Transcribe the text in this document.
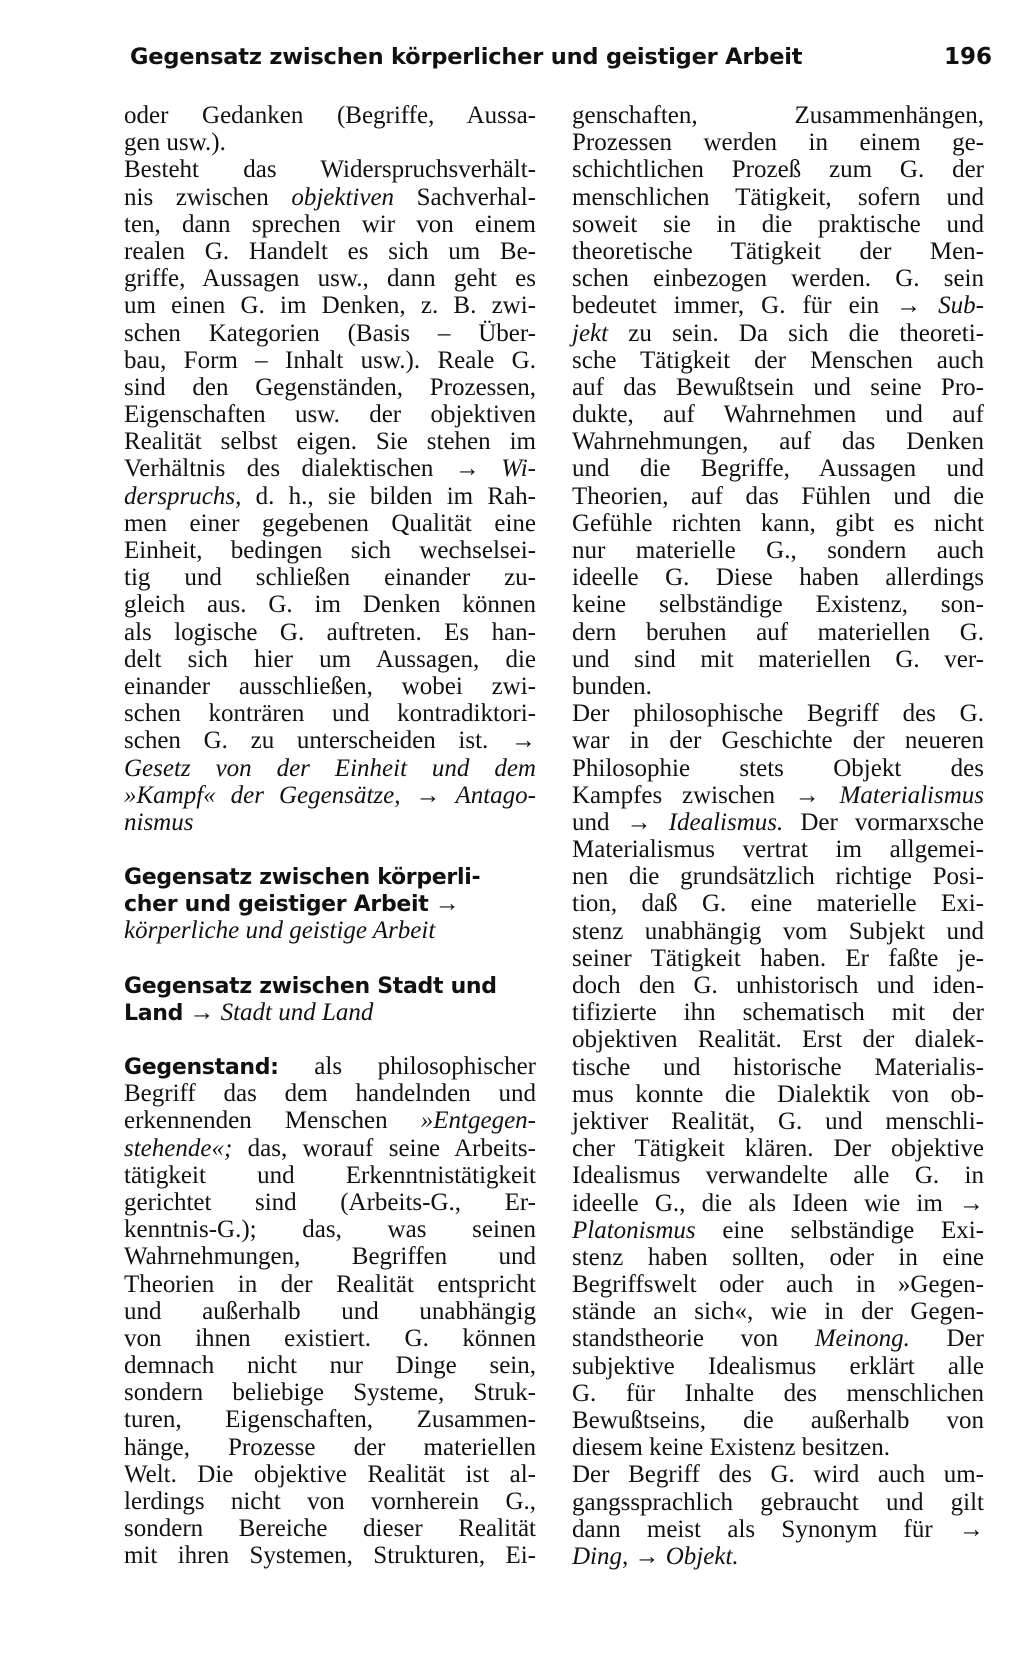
Gegensatz zwischen körperlicher und geistiger Arbeit	196
oder Gedanken (Begriffe, Aussa-
gen usw.).
Besteht das Widerspruchsverhält-
nis zwischen objektiven Sachverhal-
ten, dann sprechen wir von einem
realen G. Handelt es sich um Be-
griffe, Aussagen usw., dann geht es
um einen G. im Denken, z. B. zwi-
schen Kategorien (Basis – Über-
bau, Form – Inhalt usw.). Reale G.
sind den Gegenständen, Prozessen,
Eigenschaften usw. der objektiven
Realität selbst eigen. Sie stehen im
Verhältnis des dialektischen → Wi-
derspruchs, d. h., sie bilden im Rah-
men einer gegebenen Qualität eine
Einheit, bedingen sich wechselsei-
tig und schließen einander zu-
gleich aus. G. im Denken können
als logische G. auftreten. Es han-
delt sich hier um Aussagen, die
einander ausschließen, wobei zwi-
schen konträren und kontradiktori-
schen G. zu unterscheiden ist. →
Gesetz von der Einheit und dem
»Kampf« der Gegensätze, → Antago-
nismus
Gegensatz zwischen körperli-
cher und geistiger Arbeit →
körperliche und geistige Arbeit
Gegensatz zwischen Stadt und
Land → Stadt und Land
Gegenstand: als philosophischer
Begriff das dem handelnden und
erkennenden Menschen »Entgegen-
stehende«; das, worauf seine Arbeits-
tätigkeit und Erkenntnistätigkeit
gerichtet sind (Arbeits-G., Er-
kenntnis-G.); das, was seinen
Wahrnehmungen, Begriffen und
Theorien in der Realität entspricht
und außerhalb und unabhängig
von ihnen existiert. G. können
demnach nicht nur Dinge sein,
sondern beliebige Systeme, Struk-
turen, Eigenschaften, Zusammen-
hänge, Prozesse der materiellen
Welt. Die objektive Realität ist al-
lerdings nicht von vornherein G.,
sondern Bereiche dieser Realität
mit ihren Systemen, Strukturen, Ei-
genschaften, Zusammenhängen,
Prozessen werden in einem ge-
schichtlichen Prozeß zum G. der
menschlichen Tätigkeit, sofern und
soweit sie in die praktische und
theoretische Tätigkeit der Men-
schen einbezogen werden. G. sein
bedeutet immer, G. für ein → Sub-
jekt zu sein. Da sich die theoreti-
sche Tätigkeit der Menschen auch
auf das Bewußtsein und seine Pro-
dukte, auf Wahrnehmen und auf
Wahrnehmungen, auf das Denken
und die Begriffe, Aussagen und
Theorien, auf das Fühlen und die
Gefühle richten kann, gibt es nicht
nur materielle G., sondern auch
ideelle G. Diese haben allerdings
keine selbständige Existenz, son-
dern beruhen auf materiellen G.
und sind mit materiellen G. ver-
bunden.
Der philosophische Begriff des G.
war in der Geschichte der neueren
Philosophie stets Objekt des
Kampfes zwischen → Materialismus
und → Idealismus. Der vormarxsche
Materialismus vertrat im allgemei-
nen die grundsätzlich richtige Posi-
tion, daß G. eine materielle Exi-
stenz unabhängig vom Subjekt und
seiner Tätigkeit haben. Er faßte je-
doch den G. unhistorisch und iden-
tifizierte ihn schematisch mit der
objektiven Realität. Erst der dialek-
tische und historische Materialis-
mus konnte die Dialektik von ob-
jektiver Realität, G. und menschli-
cher Tätigkeit klären. Der objektive
Idealismus verwandelte alle G. in
ideelle G., die als Ideen wie im →
Platonismus eine selbständige Exi-
stenz haben sollten, oder in eine
Begriffswelt oder auch in »Gegen-
stände an sich«, wie in der Gegen-
standstheorie von Meinong. Der
subjektive Idealismus erklärt alle
G. für Inhalte des menschlichen
Bewußtseins, die außerhalb von
diesem keine Existenz besitzen.
Der Begriff des G. wird auch um-
gangssprachlich gebraucht und gilt
dann meist als Synonym für →
Ding, → Objekt.
